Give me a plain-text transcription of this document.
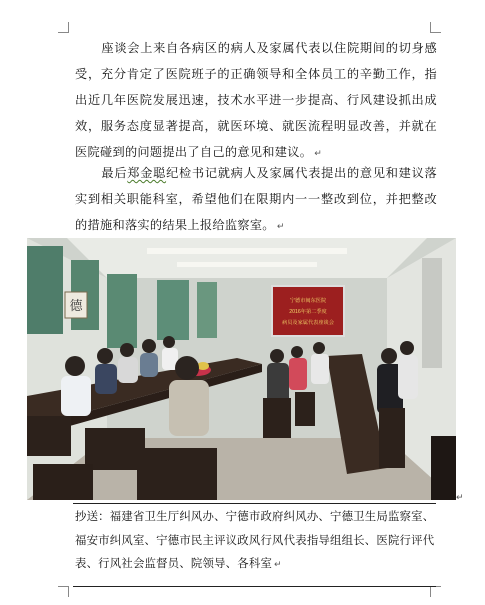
座谈会上来自各病区的病人及家属代表以住院期间的切身感受，充分肯定了医院班子的正确领导和全体员工的辛勤工作，指出近几年医院发展迅速，技术水平进一步提高、行风建设抓出成效，服务态度显著提高，就医环境、就医流程明显改善，并就在医院碰到的问题提出了自己的意见和建议。 ↵
最后郑金聪纪检书记就病人及家属代表提出的意见和建议落实到相关职能科室，希望他们在限期内一一整改到位，并把整改的措施和落实的结果上报给监察室。 ↵
德	宁德市闽东医院
2016年第二季度
病员及家属代表座谈会
↵
抄送：福建省卫生厅纠风办、宁德市政府纠风办、宁德卫生局监察室、福安市纠风室、宁德市民主评议政风行风代表指导组组长、医院行评代表、行风社会监督员、院领导、各科室 ↵
